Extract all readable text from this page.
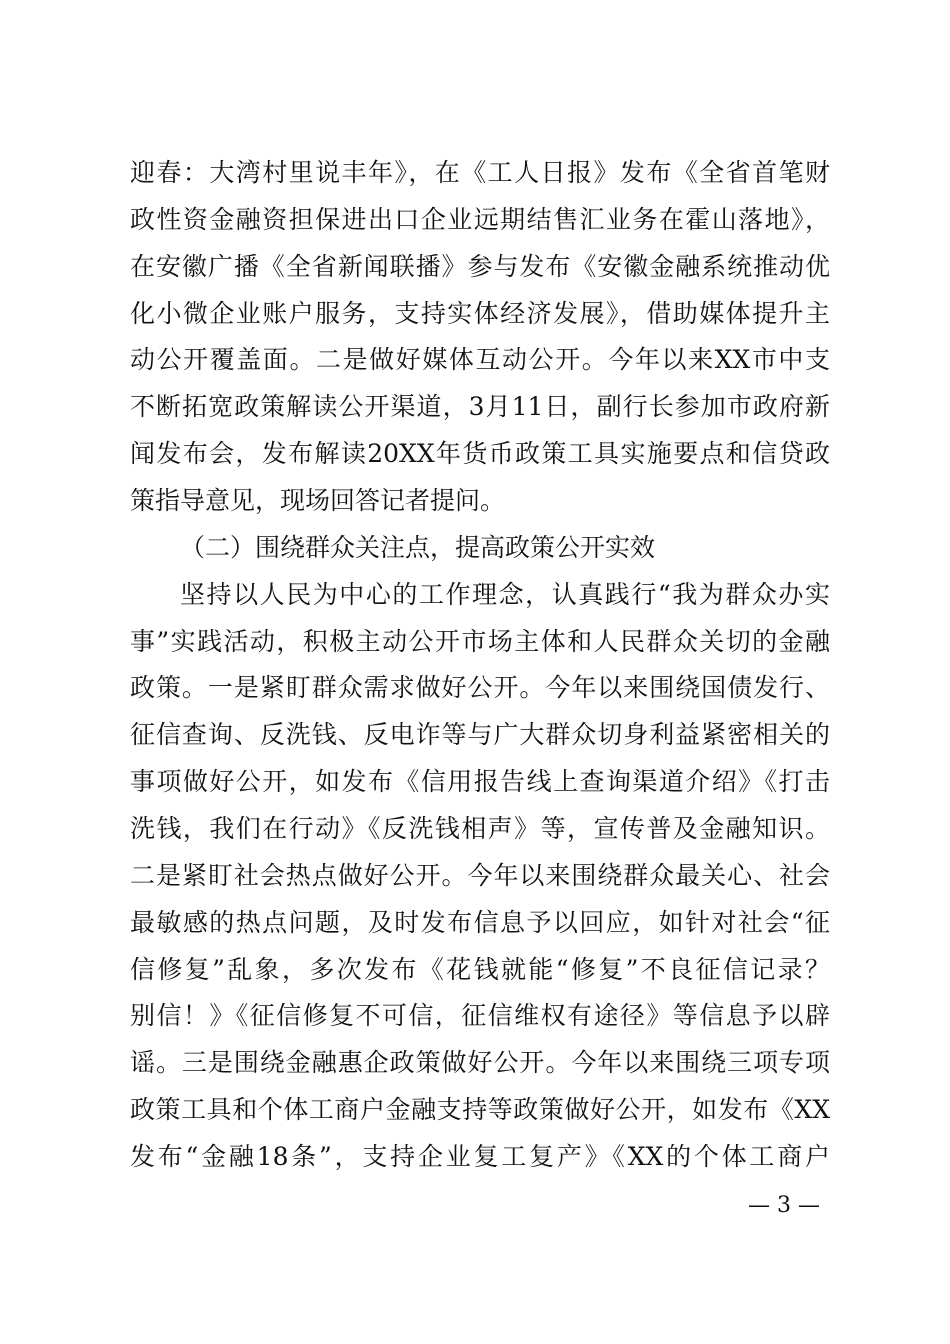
迎春：大湾村里说丰年》，在《工人日报》发布《全省首笔财
政性资金融资担保进出口企业远期结售汇业务在霍山落地》，
在安徽广播《全省新闻联播》参与发布《安徽金融系统推动优
化小微企业账户服务，支持实体经济发展》，借助媒体提升主
动公开覆盖面。二是做好媒体互动公开。今年以来XX市中支
不断拓宽政策解读公开渠道，3月11日，副行长参加市政府新
闻发布会，发布解读20XX年货币政策工具实施要点和信贷政
策指导意见，现场回答记者提问。
（二）围绕群众关注点，提高政策公开实效
坚持以人民为中心的工作理念，认真践行“我为群众办实
事”实践活动，积极主动公开市场主体和人民群众关切的金融
政策。一是紧盯群众需求做好公开。今年以来围绕国债发行、
征信查询、反洗钱、反电诈等与广大群众切身利益紧密相关的
事项做好公开，如发布《信用报告线上查询渠道介绍》《打击
洗钱，我们在行动》《反洗钱相声》等，宣传普及金融知识。
二是紧盯社会热点做好公开。今年以来围绕群众最关心、社会
最敏感的热点问题，及时发布信息予以回应，如针对社会“征
信修复”乱象，多次发布《花钱就能“修复”不良征信记录？
别信！》《征信修复不可信，征信维权有途径》等信息予以辟
谣。三是围绕金融惠企政策做好公开。今年以来围绕三项专项
政策工具和个体工商户金融支持等政策做好公开，如发布《XX
发布“金融18条”，支持企业复工复产》《XX的个体工商户
— 3 —
